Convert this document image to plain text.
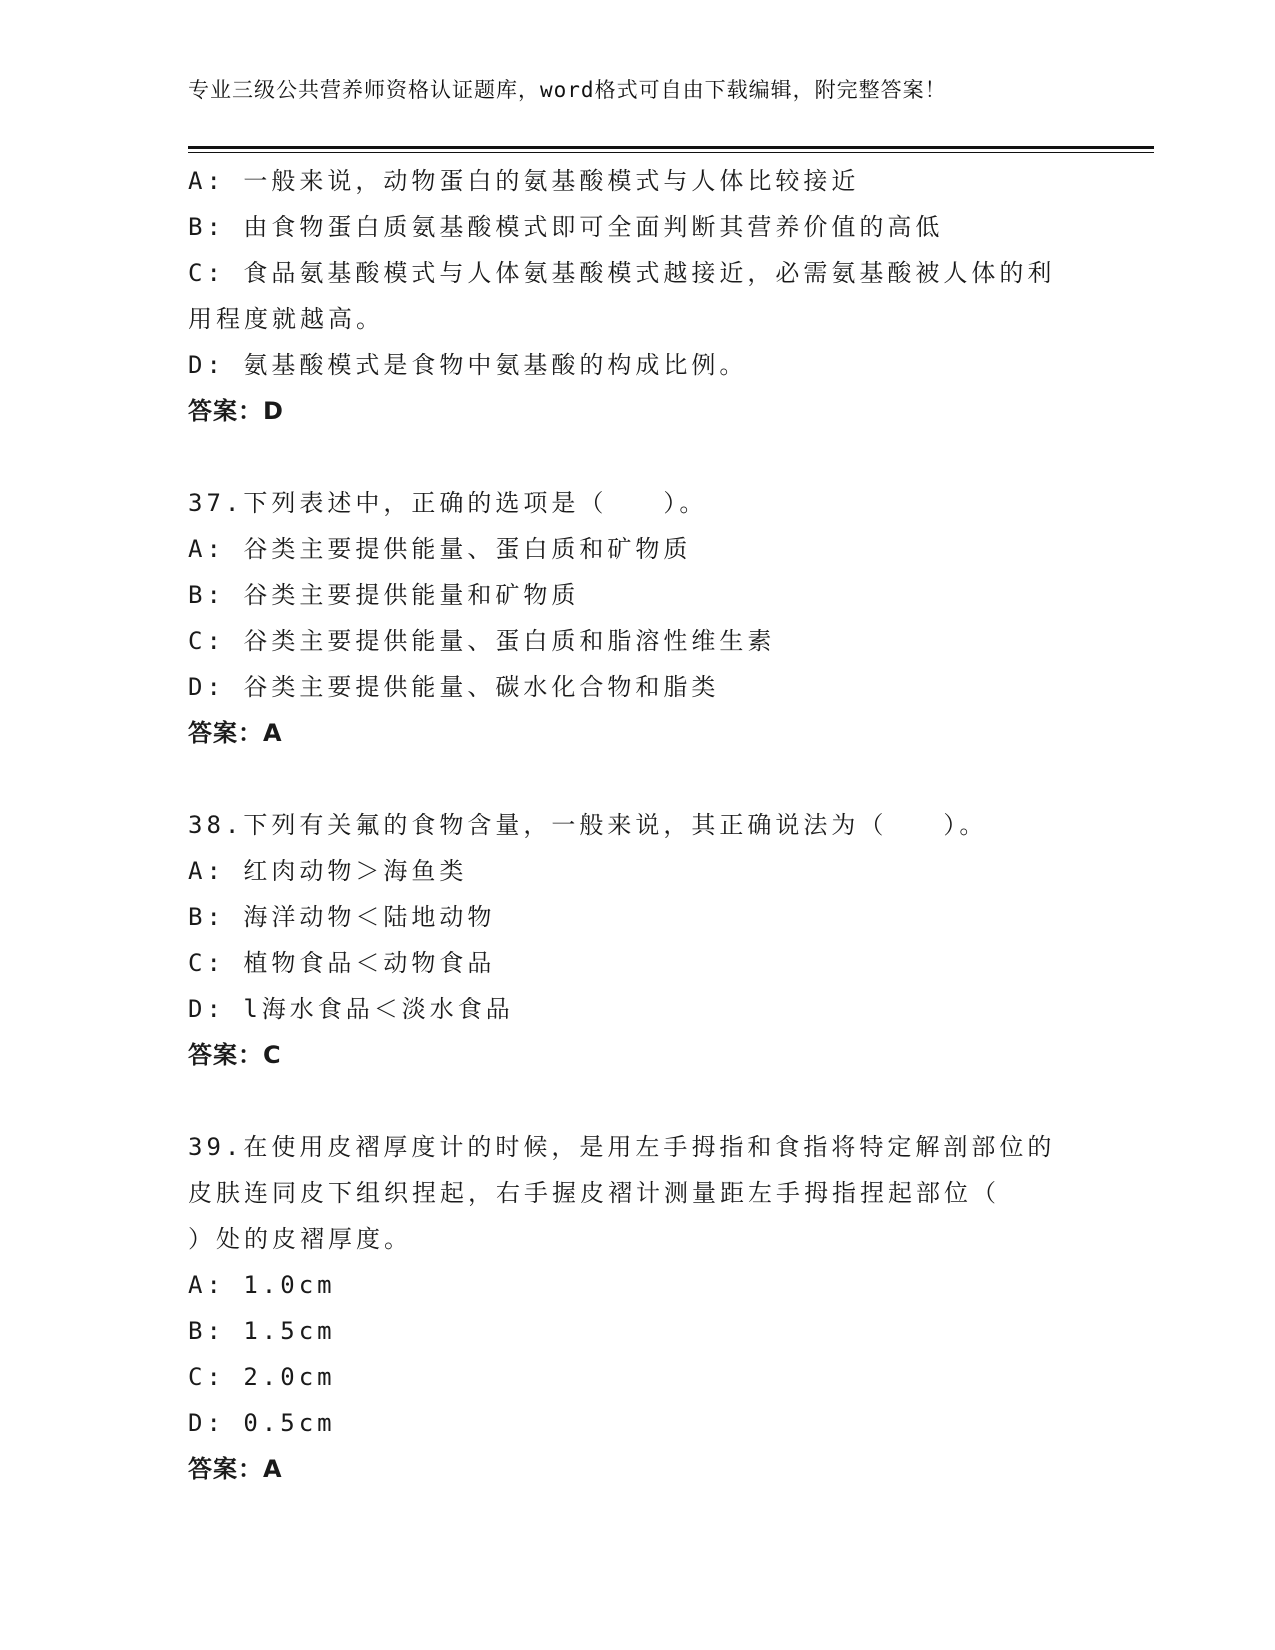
专业三级公共营养师资格认证题库，word格式可自由下载编辑，附完整答案！
A: 一般来说，动物蛋白的氨基酸模式与人体比较接近
B: 由食物蛋白质氨基酸模式即可全面判断其营养价值的高低
C: 食品氨基酸模式与人体氨基酸模式越接近，必需氨基酸被人体的利
用程度就越高。
D: 氨基酸模式是食物中氨基酸的构成比例。
答案：D
37.下列表述中，正确的选项是（　　）。
A: 谷类主要提供能量、蛋白质和矿物质
B: 谷类主要提供能量和矿物质
C: 谷类主要提供能量、蛋白质和脂溶性维生素
D: 谷类主要提供能量、碳水化合物和脂类
答案：A
38.下列有关氟的食物含量，一般来说，其正确说法为（　　）。
A: 红肉动物＞海鱼类
B: 海洋动物＜陆地动物
C: 植物食品＜动物食品
D: l海水食品＜淡水食品
答案：C
39.在使用皮褶厚度计的时候，是用左手拇指和食指将特定解剖部位的
皮肤连同皮下组织捏起，右手握皮褶计测量距左手拇指捏起部位（
）处的皮褶厚度。
A: 1.0cm
B: 1.5cm
C: 2.0cm
D: 0.5cm
答案：A
